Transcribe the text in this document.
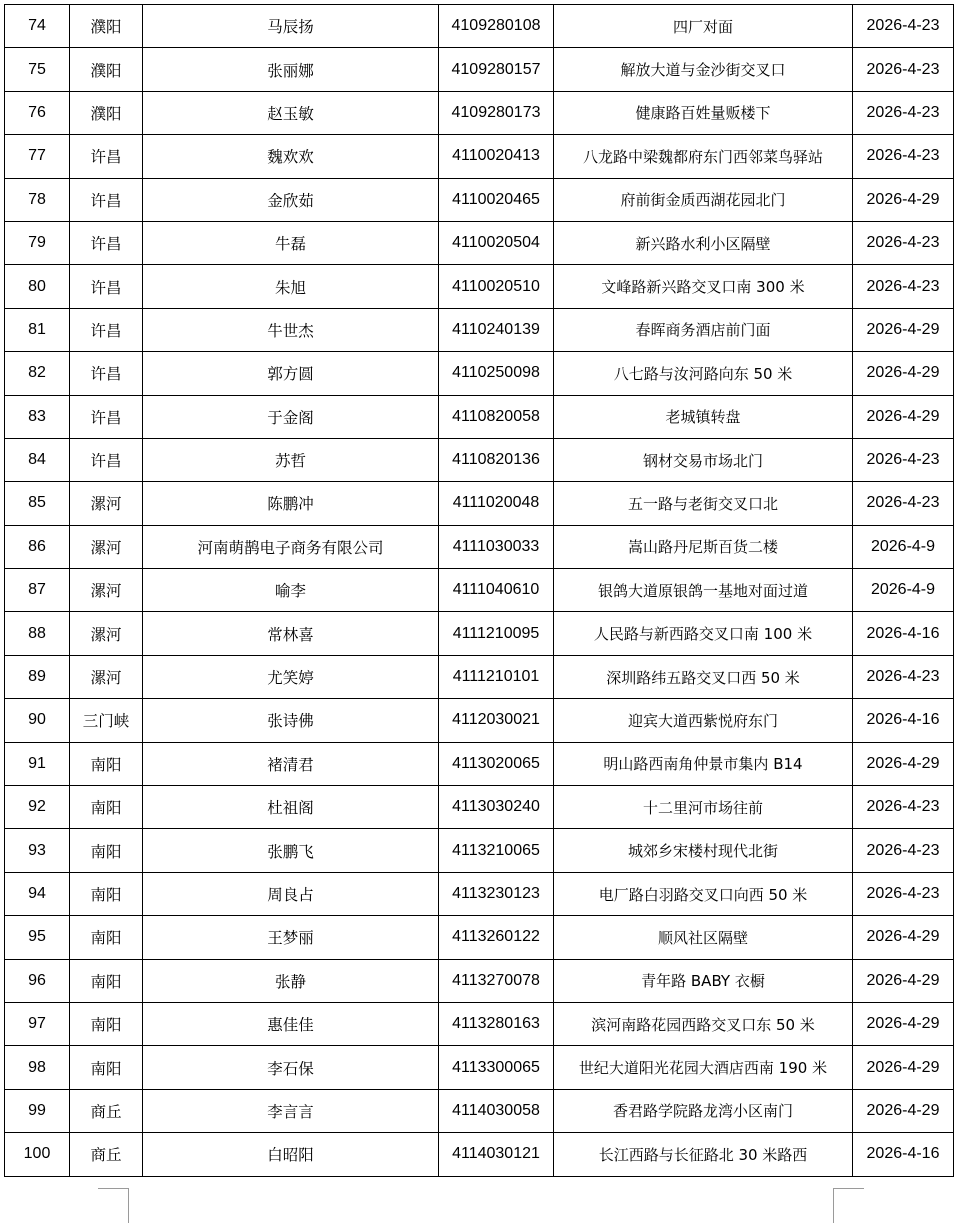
74	濮阳	马辰扬	4109280108	四厂对面	2026-4-23
75	濮阳	张丽娜	4109280157	解放大道与金沙街交叉口	2026-4-23
76	濮阳	赵玉敏	4109280173	健康路百姓量贩楼下	2026-4-23
77	许昌	魏欢欢	4110020413	八龙路中梁魏都府东门西邻菜鸟驿站	2026-4-23
78	许昌	金欣茹	4110020465	府前街金质西湖花园北门	2026-4-29
79	许昌	牛磊	4110020504	新兴路水利小区隔壁	2026-4-23
80	许昌	朱旭	4110020510	文峰路新兴路交叉口南 300 米	2026-4-23
81	许昌	牛世杰	4110240139	春晖商务酒店前门面	2026-4-29
82	许昌	郭方圆	4110250098	八七路与汝河路向东 50 米	2026-4-29
83	许昌	于金阁	4110820058	老城镇转盘	2026-4-29
84	许昌	苏哲	4110820136	钢材交易市场北门	2026-4-23
85	漯河	陈鹏冲	4111020048	五一路与老街交叉口北	2026-4-23
86	漯河	河南萌鹊电子商务有限公司	4111030033	嵩山路丹尼斯百货二楼	2026-4-9
87	漯河	喻李	4111040610	银鸽大道原银鸽一基地对面过道	2026-4-9
88	漯河	常林喜	4111210095	人民路与新西路交叉口南 100 米	2026-4-16
89	漯河	尤笑婷	4111210101	深圳路纬五路交叉口西 50 米	2026-4-23
90	三门峡	张诗佛	4112030021	迎宾大道西紫悦府东门	2026-4-16
91	南阳	褚清君	4113020065	明山路西南角仲景市集内 B14	2026-4-29
92	南阳	杜祖阁	4113030240	十二里河市场往前	2026-4-23
93	南阳	张鹏飞	4113210065	城郊乡宋楼村现代北街	2026-4-23
94	南阳	周良占	4113230123	电厂路白羽路交叉口向西 50 米	2026-4-23
95	南阳	王梦丽	4113260122	顺风社区隔壁	2026-4-29
96	南阳	张静	4113270078	青年路 BABY 衣橱	2026-4-29
97	南阳	惠佳佳	4113280163	滨河南路花园西路交叉口东 50 米	2026-4-29
98	南阳	李石保	4113300065	世纪大道阳光花园大酒店西南 190 米	2026-4-29
99	商丘	李言言	4114030058	香君路学院路龙湾小区南门	2026-4-29
100	商丘	白昭阳	4114030121	长江西路与长征路北 30 米路西	2026-4-16
